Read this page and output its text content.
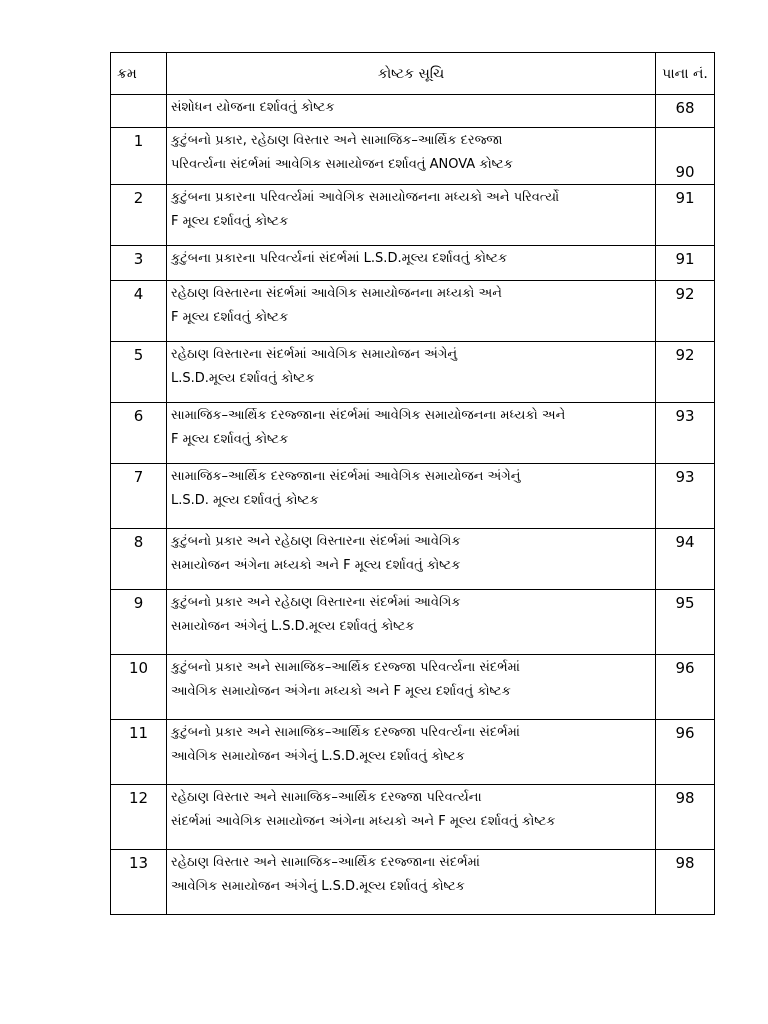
ક્રમ	કોષ્ટક સૂચિ	પાના નં.

	સંશોધન યોજના દર્શાવતું કોષ્ટક	68
1	કુટુંબનો પ્રકાર, રહેઠાણ વિસ્તાર અને સામાજિક–આર્થિક દરજ્જા
પરિવર્ત્યના સંદર્ભમાં આવેગિક સમાયોજન દર્શાવતું ANOVA કોષ્ટક	90
2	કુટુંબના પ્રકારના પરિવર્ત્યમાં આવેગિક સમાયોજનના મધ્યકો અને પરિવર્ત્યો
F મૂલ્ય દર્શાવતું કોષ્ટક	91
3	કુટુંબના પ્રકારના પરિવર્ત્યનાં સંદર્ભમાં L.S.D.મૂલ્ય દર્શાવતું કોષ્ટક	91
4	રહેઠાણ વિસ્તારના સંદર્ભમાં આવેગિક સમાયોજનના મધ્યકો અને
F મૂલ્ય દર્શાવતું કોષ્ટક	92
5	રહેઠાણ વિસ્તારના સંદર્ભમાં આવેગિક સમાયોજન અંગેનું
L.S.D.મૂલ્ય દર્શાવતું કોષ્ટક	92
6	સામાજિક–આર્થિક દરજ્જાના સંદર્ભમાં આવેગિક સમાયોજનના મધ્યકો અને
F મૂલ્ય દર્શાવતું કોષ્ટક	93
7	સામાજિક–આર્થિક દરજ્જાના સંદર્ભમાં આવેગિક સમાયોજન અંગેનું
L.S.D. મૂલ્ય દર્શાવતું કોષ્ટક	93
8	કુટુંબનો પ્રકાર અને રહેઠાણ વિસ્તારના સંદર્ભમાં આવેગિક
સમાયોજન અંગેના મધ્યકો અને F મૂલ્ય દર્શાવતું કોષ્ટક	94
9	કુટુંબનો પ્રકાર અને રહેઠાણ વિસ્તારના સંદર્ભમાં આવેગિક
સમાયોજન અંગેનું L.S.D.મૂલ્ય દર્શાવતું કોષ્ટક	95
10	કુટુંબનો પ્રકાર અને સામાજિક–આર્થિક દરજ્જા પરિવર્ત્યના સંદર્ભમાં
આવેગિક સમાયોજન અંગેના મધ્યકો અને F મૂલ્ય દર્શાવતું કોષ્ટક	96
11	કુટુંબનો પ્રકાર અને સામાજિક–આર્થિક દરજ્જા પરિવર્ત્યના સંદર્ભમાં
આવેગિક સમાયોજન અંગેનું L.S.D.મૂલ્ય દર્શાવતું કોષ્ટક	96
12	રહેઠાણ વિસ્તાર અને સામાજિક–આર્થિક દરજ્જા પરિવર્ત્યના
સંદર્ભમાં આવેગિક સમાયોજન અંગેના મધ્યકો અને F મૂલ્ય દર્શાવતું કોષ્ટક	98
13	રહેઠાણ વિસ્તાર અને સામાજિક–આર્થિક દરજ્જાના સંદર્ભમાં
આવેગિક સમાયોજન અંગેનું L.S.D.મૂલ્ય દર્શાવતું કોષ્ટક	98
